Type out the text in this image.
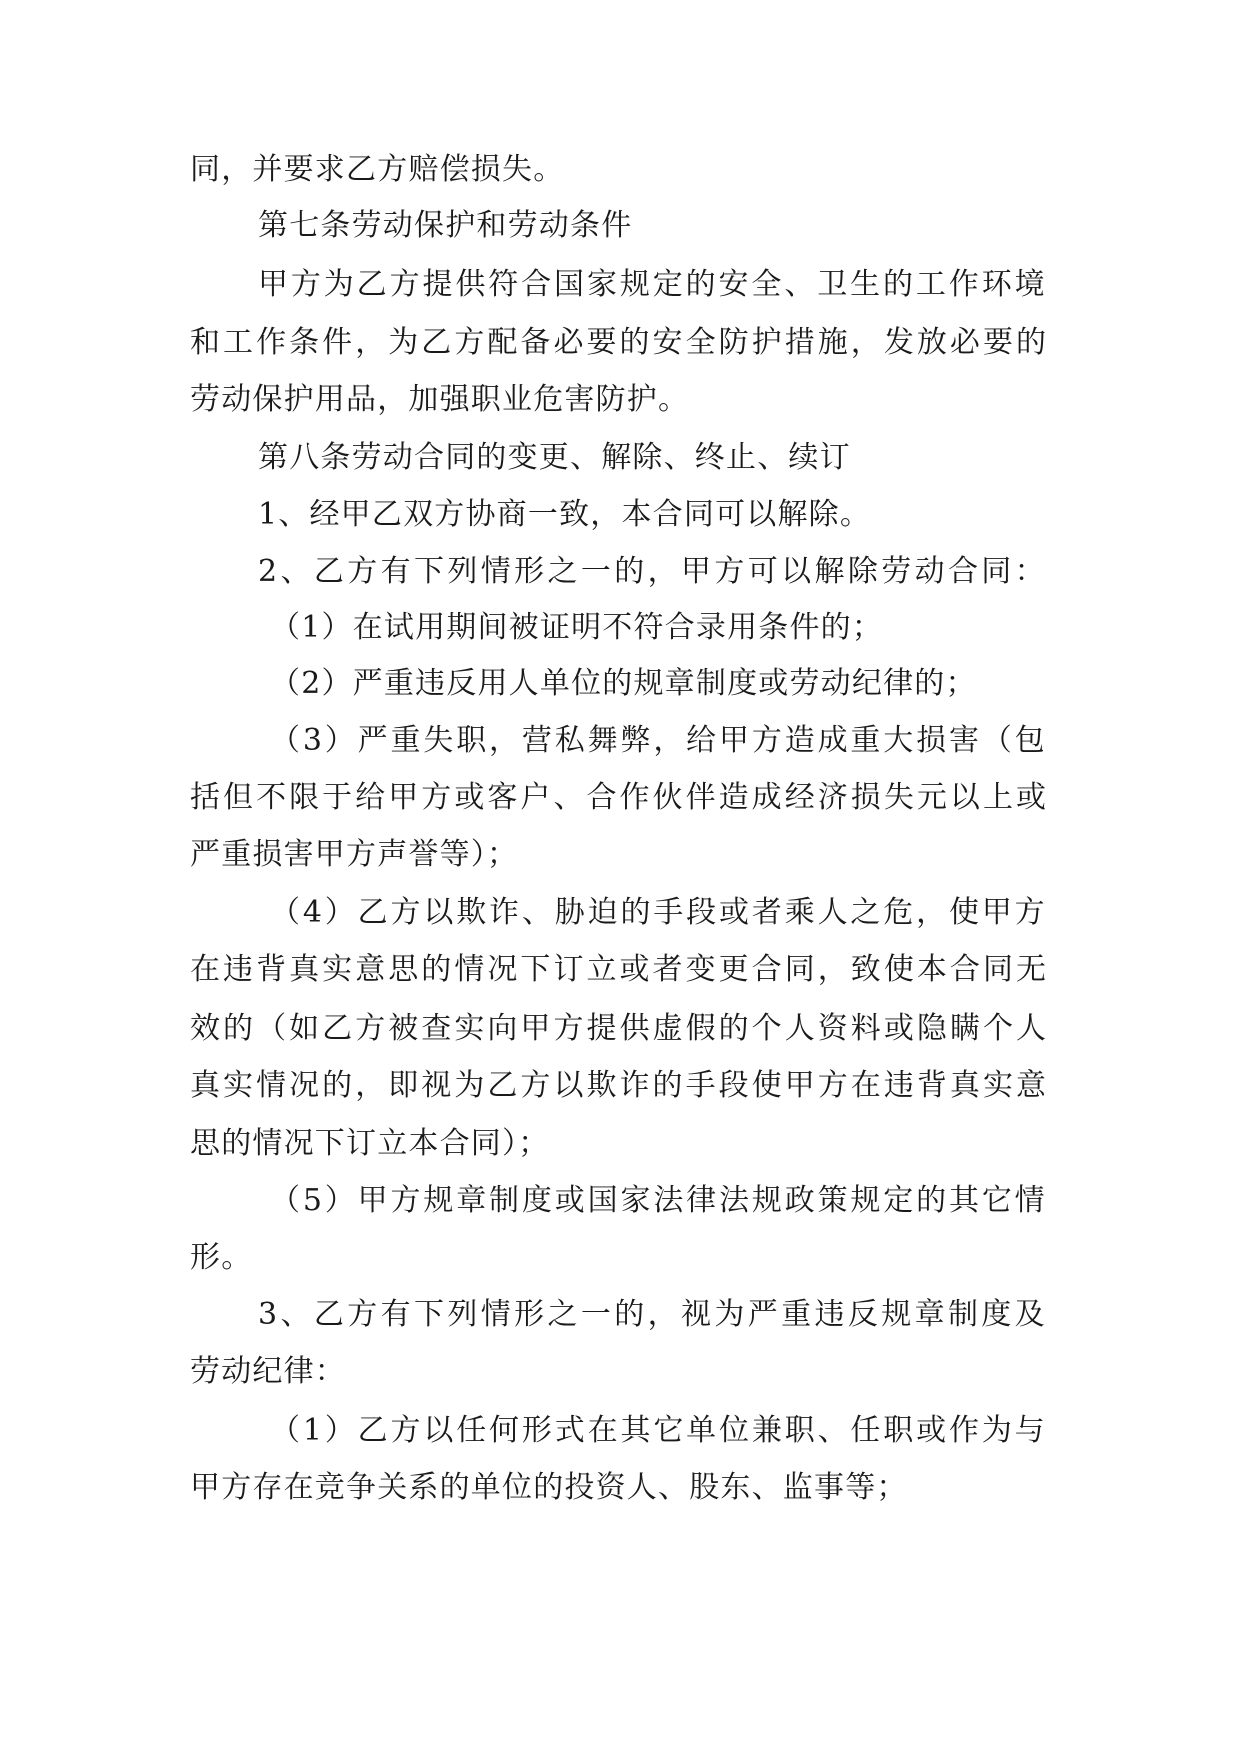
同，并要求乙方赔偿损失。
第七条劳动保护和劳动条件
甲方为乙方提供符合国家规定的安全、卫生的工作环境
和工作条件，为乙方配备必要的安全防护措施，发放必要的
劳动保护用品，加强职业危害防护。
第八条劳动合同的变更、解除、终止、续订
1、经甲乙双方协商一致，本合同可以解除。
2、乙方有下列情形之一的，甲方可以解除劳动合同：
（1）在试用期间被证明不符合录用条件的；
（2）严重违反用人单位的规章制度或劳动纪律的；
（3）严重失职，营私舞弊，给甲方造成重大损害（包
括但不限于给甲方或客户、合作伙伴造成经济损失元以上或
严重损害甲方声誉等）；
（4）乙方以欺诈、胁迫的手段或者乘人之危，使甲方
在违背真实意思的情况下订立或者变更合同，致使本合同无
效的（如乙方被查实向甲方提供虚假的个人资料或隐瞒个人
真实情况的，即视为乙方以欺诈的手段使甲方在违背真实意
思的情况下订立本合同）；
（5）甲方规章制度或国家法律法规政策规定的其它情
形。
3、乙方有下列情形之一的，视为严重违反规章制度及
劳动纪律：
（1）乙方以任何形式在其它单位兼职、任职或作为与
甲方存在竞争关系的单位的投资人、股东、监事等；
